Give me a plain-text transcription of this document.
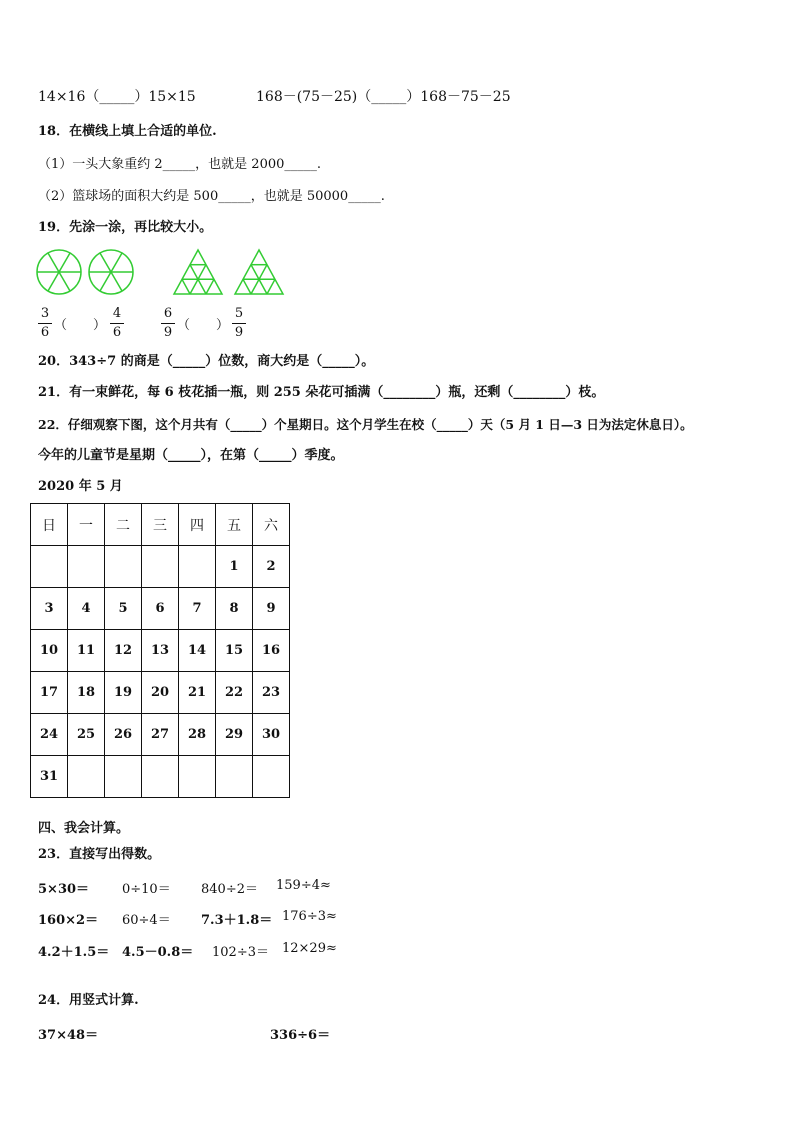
14×16（_____）15×15	168－(75－25)（_____）168－75－25
18．在横线上填上合适的单位.
（1）一头大象重约 2_____，也就是 2000_____.
（2）篮球场的面积大约是 500_____，也就是 50000_____.
19．先涂一涂，再比较大小。
3
6 （　　）
4
6
6
9 （　　）
5
9
20．343÷7 的商是（_____）位数，商大约是（_____）。
21．有一束鲜花，每 6 枝花插一瓶，则 255 朵花可插满（________）瓶，还剩（________）枝。
22．仔细观察下图，这个月共有（_____）个星期日。这个月学生在校（_____）天（5 月 1 日—3 日为法定休息日）。
今年的儿童节是星期（_____），在第（_____）季度。
2020 年 5 月
日	一	二	三	四	五	六
					1	2
3	4	5	6	7	8	9
10	11	12	13	14	15	16
17	18	19	20	21	22	23
24	25	26	27	28	29	30
31						
四、我会计算。
23．直接写出得数。
5×30＝	0÷10＝ 840÷2＝ 159÷4≈
160×2＝ 60÷4＝ 7.3＋1.8＝ 176÷3≈
4.2＋1.5＝ 4.5－0.8＝ 102÷3＝ 12×29≈
24．用竖式计算.
37×48＝	336÷6＝
